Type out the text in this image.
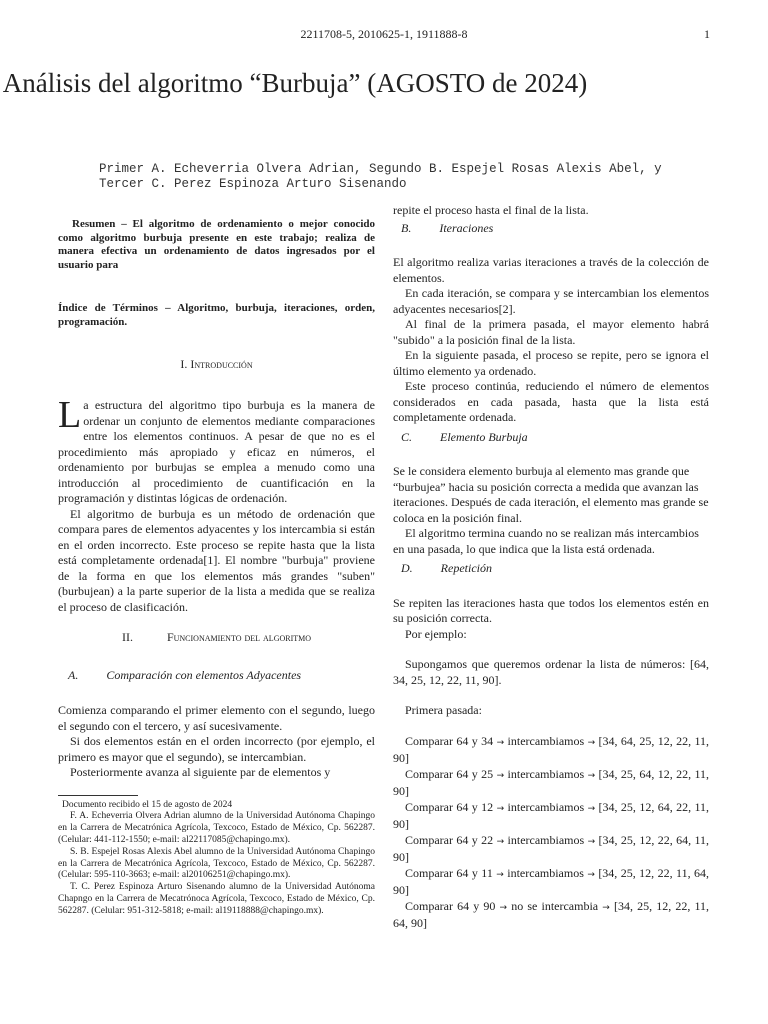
2211708-5, 2010625-1, 1911888-8	1
Análisis del algoritmo “Burbuja” (AGOSTO de 2024)
Primer A. Echeverria Olvera Adrian, Segundo B. Espejel Rosas Alexis Abel, y
Tercer C. Perez Espinoza Arturo Sisenando

Resumen – El algoritmo de ordenamiento o mejor conocido como algoritmo burbuja presente en este trabajo; realiza de manera efectiva un ordenamiento de datos ingresados por el usuario para

Índice de Términos – Algoritmo, burbuja, iteraciones, orden, programación.

I. Introducción

La estructura del algoritmo tipo burbuja es la manera de ordenar un conjunto de elementos mediante comparaciones entre los elementos continuos. A pesar de que no es el procedimiento más apropiado y eficaz en números, el ordenamiento por burbujas se emplea a menudo como una introducción al procedimiento de cuantificación en la programación y distintas lógicas de ordenación.

El algoritmo de burbuja es un método de ordenación que compara pares de elementos adyacentes y los intercambia si están en el orden incorrecto. Este proceso se repite hasta que la lista está completamente ordenada[1]. El nombre "burbuja" proviene de la forma en que los elementos más grandes "suben" (burbujean) a la parte superior de la lista a medida que se realiza el proceso de clasificación.

II.	Funcionamiento del algoritmo

A. Comparación con elementos Adyacentes

Comienza comparando el primer elemento con el segundo, luego el segundo con el tercero, y así sucesivamente.

Si dos elementos están en el orden incorrecto (por ejemplo, el primero es mayor que el segundo), se intercambian.

Posteriormente avanza al siguiente par de elementos y

Documento recibido el 15 de agosto de 2024

F. A. Echeverria Olvera Adrian alumno de la Universidad Autónoma Chapingo en la Carrera de Mecatrónica Agrícola, Texcoco, Estado de México, Cp. 562287. (Celular: 441-112-1550; e-mail: al22117085@chapingo.mx).

S. B. Espejel Rosas Alexis Abel alumno de la Universidad Autónoma Chapingo en la Carrera de Mecatrónica Agrícola, Texcoco, Estado de México, Cp. 562287. (Celular: 595-110-3663; e-mail: al20106251@chapingo.mx).

T. C. Perez Espinoza Arturo Sisenando alumno de la Universidad Autónoma Chapngo en la Carrera de Mecatrónoca Agrícola, Texcoco, Estado de México, Cp. 562287. (Celular: 951-312-5818; e-mail: al19118888@chapingo.mx).

repite el proceso hasta el final de la lista.

B. Iteraciones

El algoritmo realiza varias iteraciones a través de la colección de elementos.

En cada iteración, se compara y se intercambian los elementos adyacentes necesarios[2].

Al final de la primera pasada, el mayor elemento habrá "subido" a la posición final de la lista.

En la siguiente pasada, el proceso se repite, pero se ignora el último elemento ya ordenado.

Este proceso continúa, reduciendo el número de elementos considerados en cada pasada, hasta que la lista está completamente ordenada.

C. Elemento Burbuja

Se le considera elemento burbuja al elemento mas grande que “burbujea” hacia su posición correcta a medida que avanzan las iteraciones. Después de cada iteración, el elemento mas grande se coloca en la posición final.

El algoritmo termina cuando no se realizan más intercambios en una pasada, lo que indica que la lista está ordenada.

D. Repetición

Se repiten las iteraciones hasta que todos los elementos estén en su posición correcta.

Por ejemplo:

Supongamos que queremos ordenar la lista de números: [64, 34, 25, 12, 22, 11, 90].

Primera pasada:

Comparar 64 y 34 → intercambiamos → [34, 64, 25, 12, 22, 11, 90]

Comparar 64 y 25 → intercambiamos → [34, 25, 64, 12, 22, 11, 90]

Comparar 64 y 12 → intercambiamos → [34, 25, 12, 64, 22, 11, 90]

Comparar 64 y 22 → intercambiamos → [34, 25, 12, 22, 64, 11, 90]

Comparar 64 y 11 → intercambiamos → [34, 25, 12, 22, 11, 64, 90]

Comparar 64 y 90 → no se intercambia → [34, 25, 12, 22, 11, 64, 90]
